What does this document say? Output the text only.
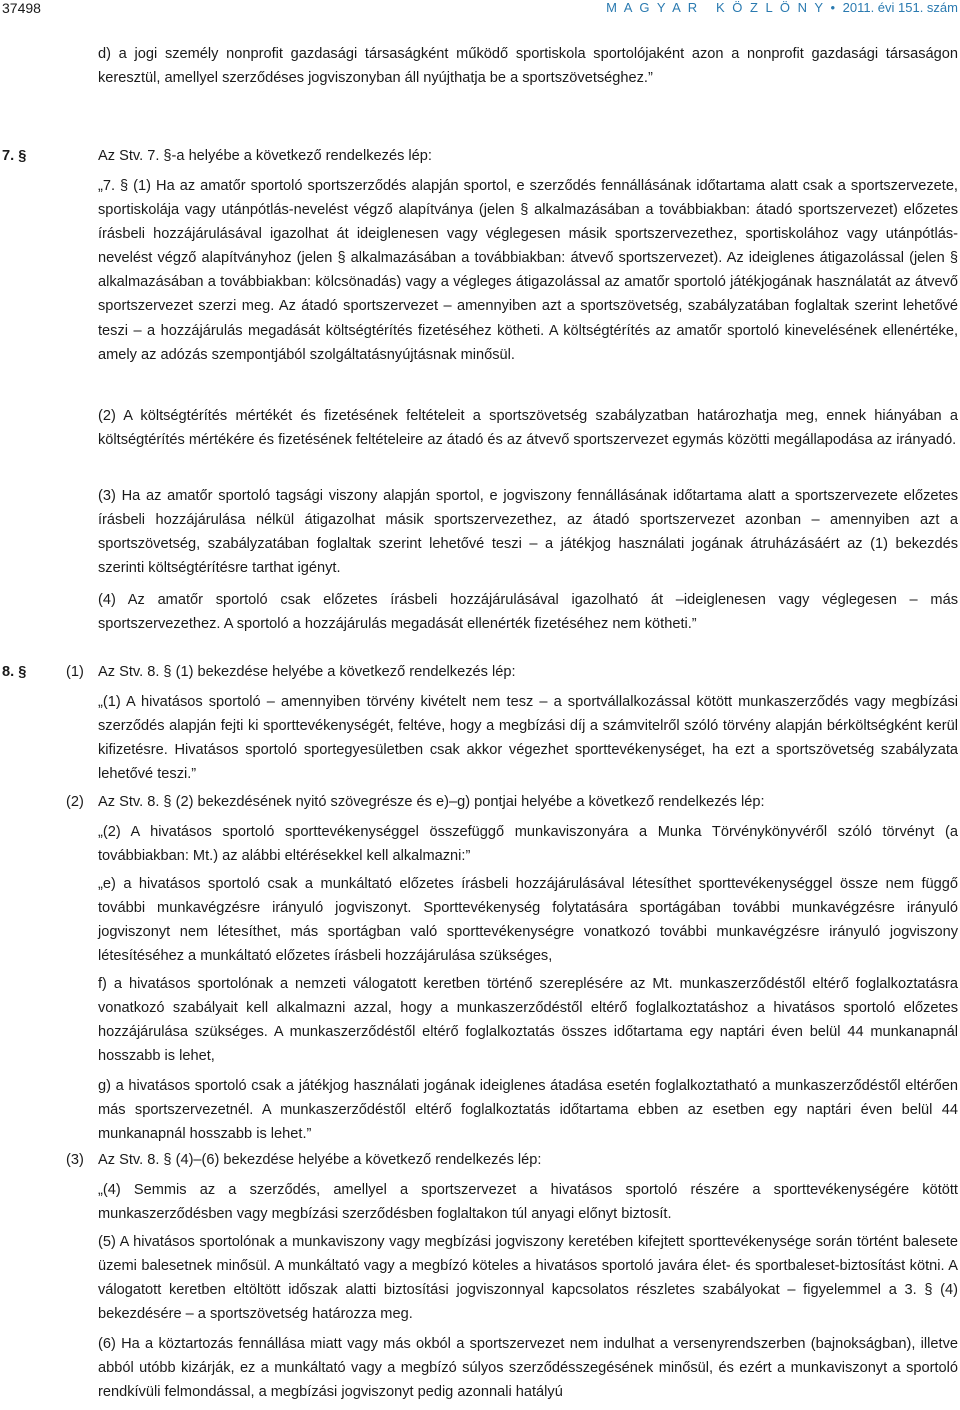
37498	M A G Y A R   K Ö Z L Ö N Y • 2011. évi 151. szám
d) a jogi személy nonprofit gazdasági társaságként működő sportiskola sportolójaként azon a nonprofit gazdasági társaságon keresztül, amellyel szerződéses jogviszonyban áll nyújthatja be a sportszövetséghez.”
7. §	Az Stv. 7. §-a helyébe a következő rendelkezés lép:
„7. § (1) Ha az amatőr sportoló sportszerződés alapján sportol, e szerződés fennállásának időtartama alatt csak a sportszervezete, sportiskolája vagy utánpótlás-nevelést végző alapítványa (jelen § alkalmazásában a továbbiakban: átadó sportszervezet) előzetes írásbeli hozzájárulásával igazolhat át ideiglenesen vagy véglegesen másik sportszervezethez, sportiskolához vagy utánpótlás-nevelést végző alapítványhoz (jelen § alkalmazásában a továbbiakban: átvevő sportszervezet). Az ideiglenes átigazolással (jelen § alkalmazásában a továbbiakban: kölcsönadás) vagy a végleges átigazolással az amatőr sportoló játékjogának használatát az átvevő sportszervezet szerzi meg. Az átadó sportszervezet – amennyiben azt a sportszövetség, szabályzatában foglaltak szerint lehetővé teszi – a hozzájárulás megadását költségtérítés fizetéséhez kötheti. A költségtérítés az amatőr sportoló kinevelésének ellenértéke, amely az adózás szempontjából szolgáltatásnyújtásnak minősül.
(2) A költségtérítés mértékét és fizetésének feltételeit a sportszövetség szabályzatban határozhatja meg, ennek hiányában a költségtérítés mértékére és fizetésének feltételeire az átadó és az átvevő sportszervezet egymás közötti megállapodása az irányadó.
(3) Ha az amatőr sportoló tagsági viszony alapján sportol, e jogviszony fennállásának időtartama alatt a sportszervezete előzetes írásbeli hozzájárulása nélkül átigazolhat másik sportszervezethez, az átadó sportszervezet azonban – amennyiben azt a sportszövetség, szabályzatában foglaltak szerint lehetővé teszi – a játékjog használati jogának átruházásáért az (1) bekezdés szerinti költségtérítésre tarthat igényt.
(4) Az amatőr sportoló csak előzetes írásbeli hozzájárulásával igazolható át –ideiglenesen vagy véglegesen – más sportszervezethez. A sportoló a hozzájárulás megadását ellenérték fizetéséhez nem kötheti.”
8. §	(1) Az Stv. 8. § (1) bekezdése helyébe a következő rendelkezés lép:
„(1) A hivatásos sportoló – amennyiben törvény kivételt nem tesz – a sportvállalkozással kötött munkaszerződés vagy megbízási szerződés alapján fejti ki sporttevékenységét, feltéve, hogy a megbízási díj a számvitelről szóló törvény alapján bérköltségként kerül kifizetésre. Hivatásos sportoló sportegyesületben csak akkor végezhet sporttevékenységet, ha ezt a sportszövetség szabályzata lehetővé teszi.”
(2) Az Stv. 8. § (2) bekezdésének nyitó szövegrésze és e)–g) pontjai helyébe a következő rendelkezés lép:
„(2) A hivatásos sportoló sporttevékenységgel összefüggő munkaviszonyára a Munka Törvénykönyvéről szóló törvényt (a továbbiakban: Mt.) az alábbi eltérésekkel kell alkalmazni:”
„e) a hivatásos sportoló csak a munkáltató előzetes írásbeli hozzájárulásával létesíthet sporttevékenységgel össze nem függő további munkavégzésre irányuló jogviszonyt. Sporttevékenység folytatására sportágában további munkavégzésre irányuló jogviszonyt nem létesíthet, más sportágban való sporttevékenységre vonatkozó további munkavégzésre irányuló jogviszony létesítéséhez a munkáltató előzetes írásbeli hozzájárulása szükséges,
f) a hivatásos sportolónak a nemzeti válogatott keretben történő szereplésére az Mt. munkaszerződéstől eltérő foglalkoztatásra vonatkozó szabályait kell alkalmazni azzal, hogy a munkaszerződéstől eltérő foglalkoztatáshoz a hivatásos sportoló előzetes hozzájárulása szükséges. A munkaszerződéstől eltérő foglalkoztatás összes időtartama egy naptári éven belül 44 munkanapnál hosszabb is lehet,
g) a hivatásos sportoló csak a játékjog használati jogának ideiglenes átadása esetén foglalkoztatható a munkaszerződéstől eltérően más sportszervezetnél. A munkaszerződéstől eltérő foglalkoztatás időtartama ebben az esetben egy naptári éven belül 44 munkanapnál hosszabb is lehet.”
(3) Az Stv. 8. § (4)–(6) bekezdése helyébe a következő rendelkezés lép:
„(4) Semmis az a szerződés, amellyel a sportszervezet a hivatásos sportoló részére a sporttevékenységére kötött munkaszerződésben vagy megbízási szerződésben foglaltakon túl anyagi előnyt biztosít.
(5) A hivatásos sportolónak a munkaviszony vagy megbízási jogviszony keretében kifejtett sporttevékenysége során történt balesete üzemi balesetnek minősül. A munkáltató vagy a megbízó köteles a hivatásos sportoló javára élet- és sportbaleset-biztosítást kötni. A válogatott keretben eltöltött időszak alatti biztosítási jogviszonnyal kapcsolatos részletes szabályokat – figyelemmel a 3. § (4) bekezdésére – a sportszövetség határozza meg.
(6) Ha a köztartozás fennállása miatt vagy más okból a sportszervezet nem indulhat a versenyrendszerben (bajnokságban), illetve abból utóbb kizárják, ez a munkáltató vagy a megbízó súlyos szerződésszegésének minősül, és ezért a munkaviszonyt a sportoló rendkívüli felmondással, a megbízási jogviszonyt pedig azonnali hatályú
